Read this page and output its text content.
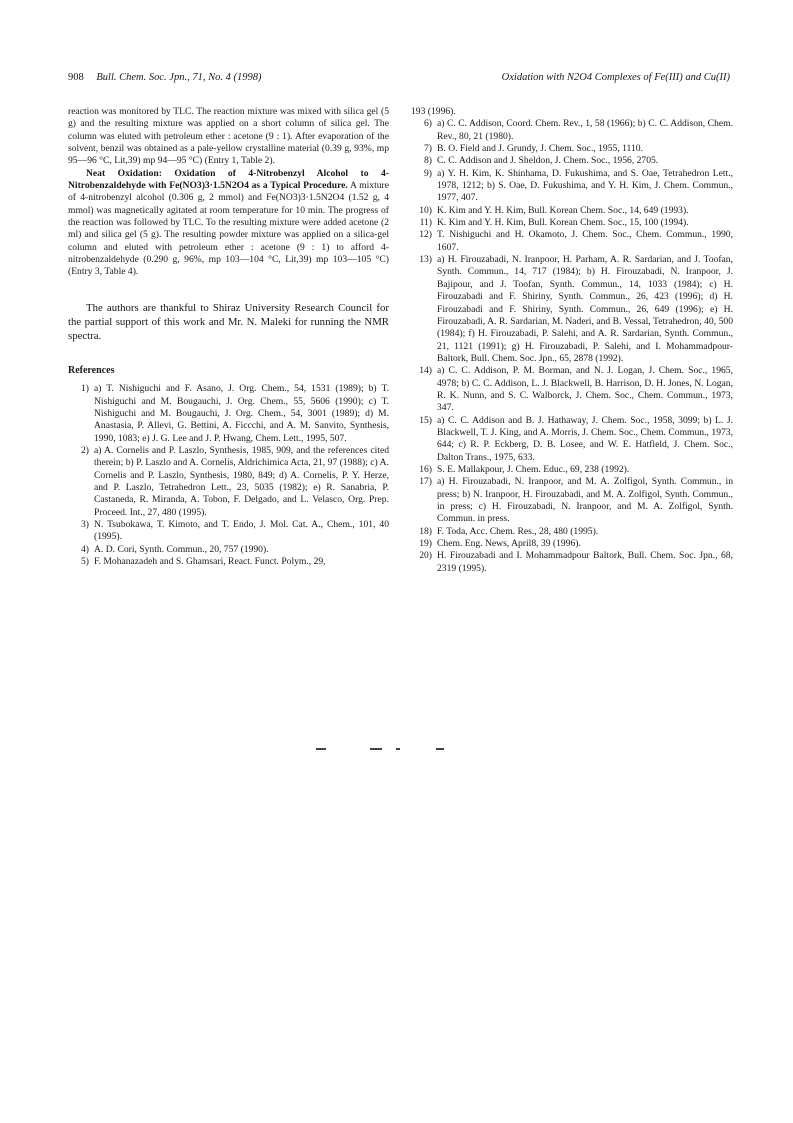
908 Bull. Chem. Soc. Jpn., 71, No. 4 (1998)	Oxidation with N2O4 Complexes of Fe(III) and Cu(II)

reaction was monitored by TLC. The reaction mixture was mixed with silica gel (5 g) and the resulting mixture was applied on a short column of silica gel. The column was eluted with petroleum ether : acetone (9 : 1). After evaporation of the solvent, benzil was obtained as a pale-yellow crystalline material (0.39 g, 93%, mp 95—96 °C, Lit,39) mp 94—95 °C) (Entry 1, Table 2).

Neat Oxidation: Oxidation of 4-Nitrobenzyl Alcohol to 4-Nitrobenzaldehyde with Fe(NO3)3·1.5N2O4 as a Typical Procedure. A mixture of 4-nitrobenzyl alcohol (0.306 g, 2 mmol) and Fe(NO3)3·1.5N2O4 (1.52 g, 4 mmol) was magnetically agitated at room temperature for 10 min. The progress of the reaction was followed by TLC. To the resulting mixture were added acetone (2 ml) and silica gel (5 g). The resulting powder mixture was applied on a silica-gel column and eluted with petroleum ether : acetone (9 : 1) to afford 4-nitrobenzaldehyde (0.290 g, 96%, mp 103—104 °C, Lit,39) mp 103—105 °C) (Entry 3, Table 4).

The authors are thankful to Shiraz University Research Council for the partial support of this work and Mr. N. Maleki for running the NMR spectra.

References
1) a) T. Nishiguchi and F. Asano, J. Org. Chem., 54, 1531 (1989); b) T. Nishiguchi and M. Bougauchi, J. Org. Chem., 55, 5606 (1990); c) T. Nishiguchi and M. Bougauchi, J. Org. Chem., 54, 3001 (1989); d) M. Anastasia, P. Allevi, G. Bettini, A. Ficcchi, and A. M. Sanvito, Synthesis, 1990, 1083; e) J. G. Lee and J. P. Hwang, Chem. Lett., 1995, 507.
2) a) A. Cornelis and P. Laszlo, Synthesis, 1985, 909, and the references cited therein; b) P. Laszlo and A. Cornelis, Aldrichimica Acta, 21, 97 (1988); c) A. Cornelis and P. Laszlo, Synthesis, 1980, 849; d) A. Cornelis, P. Y. Herze, and P. Laszlo, Tetrahedron Lett., 23, 5035 (1982); e) R. Sanabria, P. Castaneda, R. Miranda, A. Tobon, F. Delgado, and L. Velasco, Org. Prep. Proceed. Int., 27, 480 (1995).
3) N. Tsubokawa, T. Kimoto, and T. Endo, J. Mol. Cat. A., Chem., 101, 40 (1995).
4) A. D. Cori, Synth. Commun., 20, 757 (1990).
5) F. Mohanazadeh and S. Ghamsari, React. Funct. Polym., 29,

193 (1996).

6) a) C. C. Addison, Coord. Chem. Rev., 1, 58 (1966); b) C. C. Addison, Chem. Rev., 80, 21 (1980).
7) B. O. Field and J. Grundy, J. Chem. Soc., 1955, 1110.
8) C. C. Addison and J. Sheldon, J. Chem. Soc., 1956, 2705.
9) a) Y. H. Kim, K. Shinhama, D. Fukushima, and S. Oae, Tetrahedron Lett., 1978, 1212; b) S. Oae, D. Fukushima, and Y. H. Kim, J. Chem. Commun., 1977, 407.
10) K. Kim and Y. H. Kim, Bull. Korean Chem. Soc., 14, 649 (1993).
11) K. Kim and Y. H. Kim, Bull. Korean Chem. Soc., 15, 100 (1994).
12) T. Nishiguchi and H. Okamoto, J. Chem. Soc., Chem. Commun., 1990, 1607.
13) a) H. Firouzabadi, N. Iranpoor, H. Parham, A. R. Sardarian, and J. Toofan, Synth. Commun., 14, 717 (1984); b) H. Firouzabadi, N. Iranpoor, J. Bajipour, and J. Toofan, Synth. Commun., 14, 1033 (1984); c) H. Firouzabadi and F. Shiriny, Synth. Commun., 26, 423 (1996); d) H. Firouzabadi and F. Shiriny, Synth. Commun., 26, 649 (1996); e) H. Firouzabadi, A. R. Sardarian, M. Naderi, and B. Vessal, Tetrahedron, 40, 500 (1984); f) H. Firouzabadi, P. Salehi, and A. R. Sardarian, Synth. Commun., 21, 1121 (1991); g) H. Firouzabadi, P. Salehi, and I. Mohammadpour-Baltork, Bull. Chem. Soc. Jpn., 65, 2878 (1992).
14) a) C. C. Addison, P. M. Borman, and N. J. Logan, J. Chem. Soc., 1965, 4978; b) C. C. Addison, L. J. Blackwell, B. Harrison, D. H. Jones, N. Logan, R. K. Nunn, and S. C. Walborck, J. Chem. Soc., Chem. Commun., 1973, 347.
15) a) C. C. Addison and B. J. Hathaway, J. Chem. Soc., 1958, 3099; b) L. J. Blackwell, T. J. King, and A. Morris, J. Chem. Soc., Chem. Commun., 1973, 644; c) R. P. Eckberg, D. B. Losee, and W. E. Hatfield, J. Chem. Soc., Dalton Trans., 1975, 633.
16) S. E. Mallakpour, J. Chem. Educ., 69, 238 (1992).
17) a) H. Firouzabadi, N. Iranpoor, and M. A. Zolfigol, Synth. Commun., in press; b) N. Iranpoor, H. Firouzabadi, and M. A. Zolfigol, Synth. Commun., in press; c) H. Firouzabadi, N. Iranpoor, and M. A. Zolfigol, Synth. Commun. in press.
18) F. Toda, Acc. Chem. Res., 28, 480 (1995).
19) Chem. Eng. News, April8, 39 (1996).
20) H. Firouzabadi and I. Mohammadpour Baltork, Bull. Chem. Soc. Jpn., 68, 2319 (1995).
